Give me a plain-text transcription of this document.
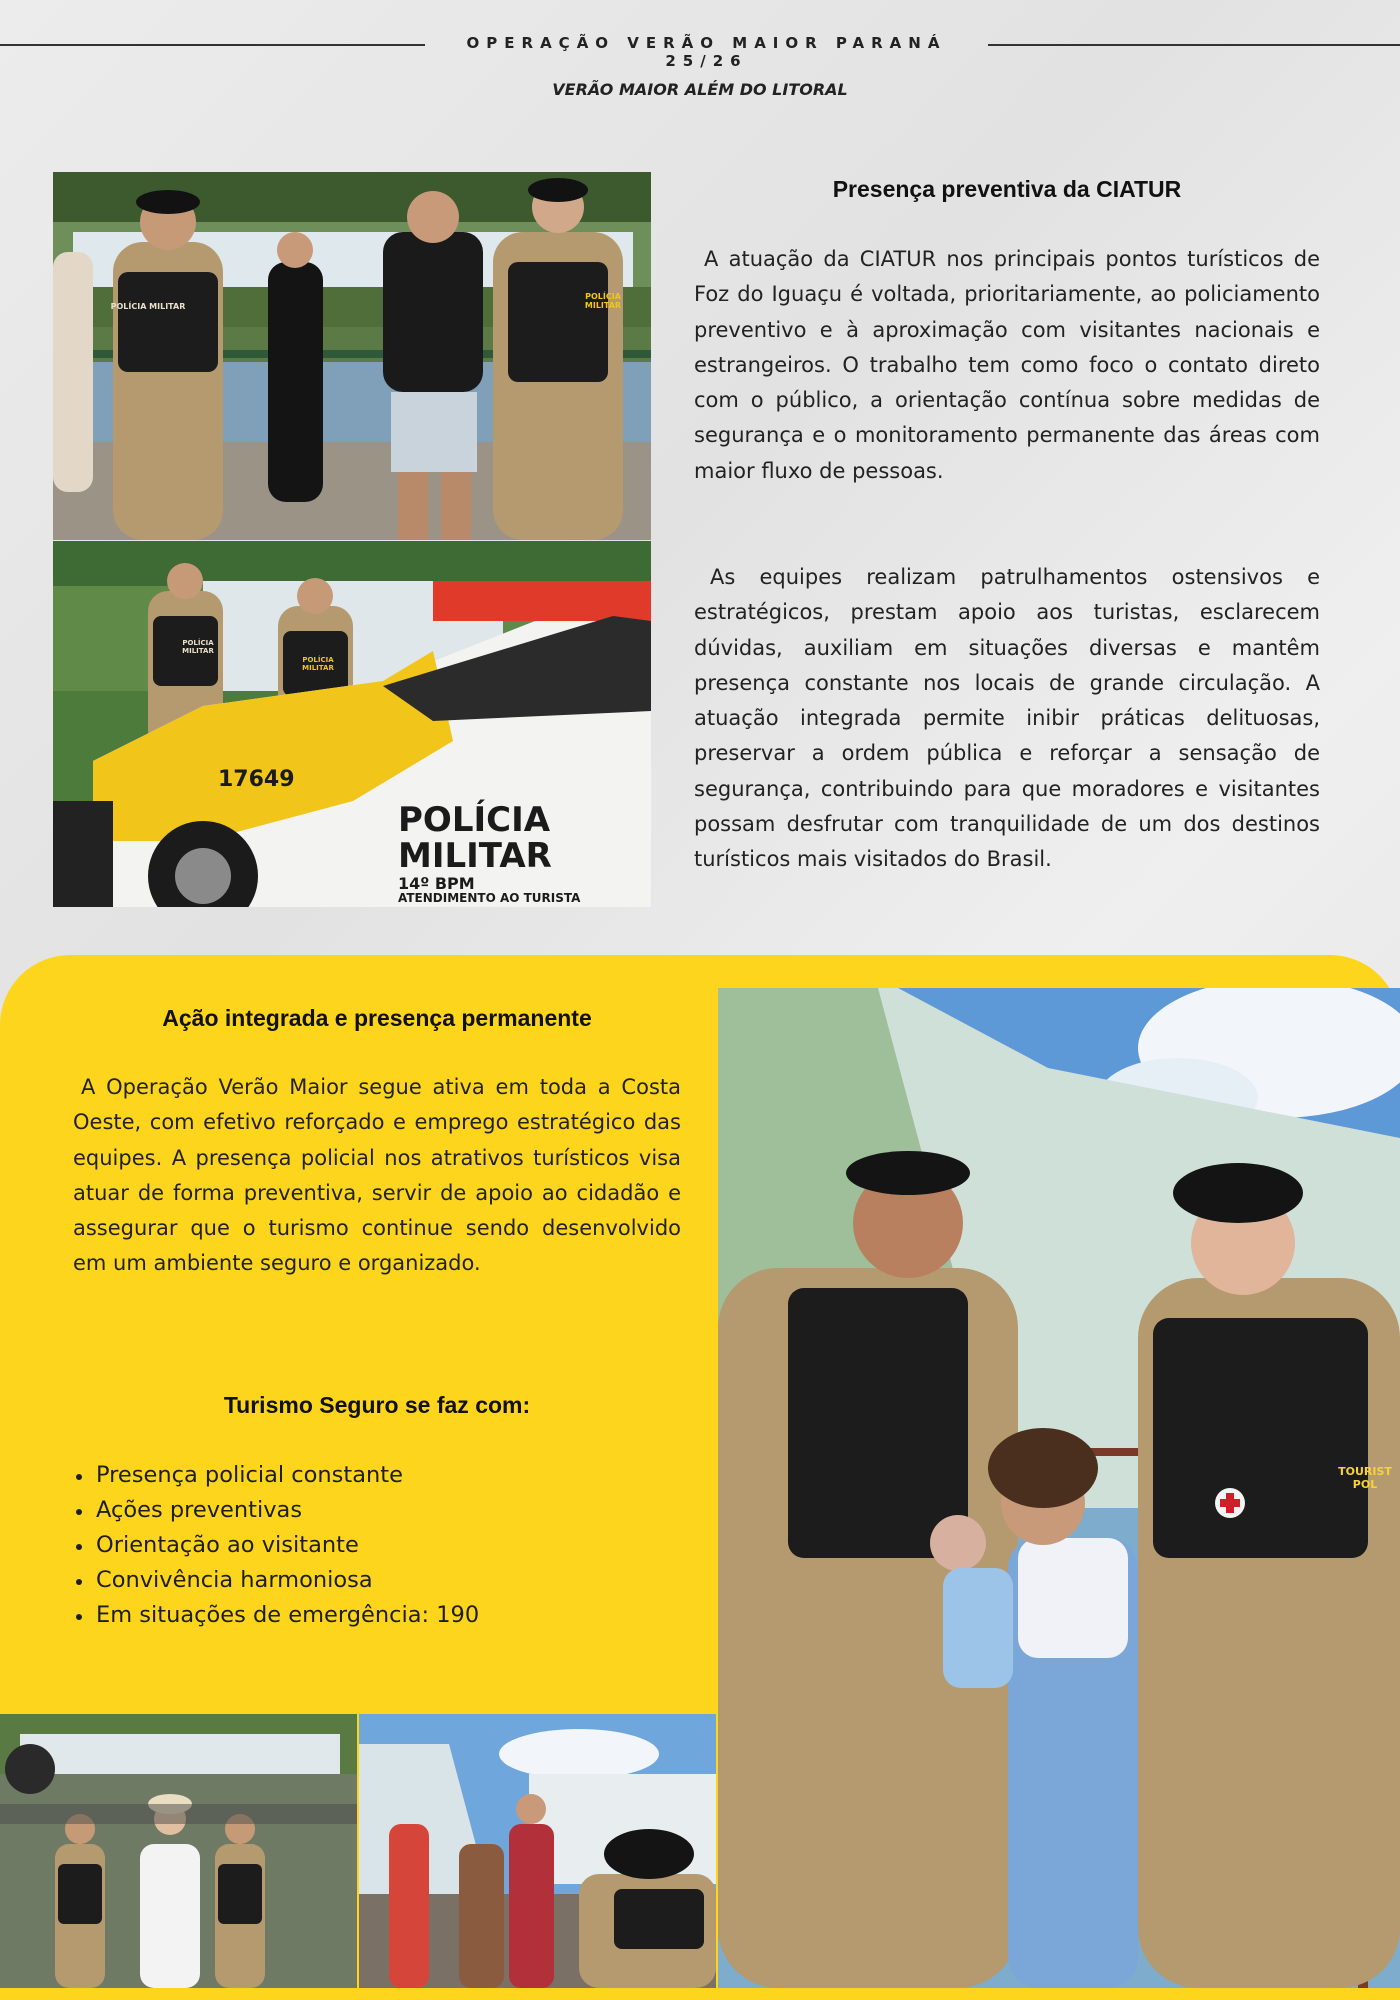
OPERAÇÃO VERÃO MAIOR PARANÁ 25/26
VERÃO MAIOR ALÉM DO LITORAL
POLÍCIA MILITAR
POLÍCIA MILITAR
17649
POLÍCIA
MILITAR
14º BPM
ATENDIMENTO AO TURISTA
POLÍCIA MILITAR
POLÍCIA MILITAR
Presença preventiva da CIATUR
A atuação da CIATUR nos principais pontos turísticos de Foz do Iguaçu é voltada, prioritariamente, ao policiamento preventivo e à aproximação com visitantes nacionais e estrangeiros. O trabalho tem como foco o contato direto com o público, a orientação contínua sobre medidas de segurança e o monitoramento permanente das áreas com maior fluxo de pessoas.
As equipes realizam patrulhamentos ostensivos e estratégicos, prestam apoio aos turistas, esclarecem dúvidas, auxiliam em situações diversas e mantêm presença constante nos locais de grande circulação. A atuação integrada permite inibir práticas delituosas, preservar a ordem pública e reforçar a sensação de segurança, contribuindo para que moradores e visitantes possam desfrutar com tranquilidade de um dos destinos turísticos mais visitados do Brasil.
Ação integrada e presença permanente
A Operação Verão Maior segue ativa em toda a Costa Oeste, com efetivo reforçado e emprego estratégico das equipes. A presença policial nos atrativos turísticos visa atuar de forma preventiva, servir de apoio ao cidadão e assegurar que o turismo continue sendo desenvolvido em um ambiente seguro e organizado.
Turismo Seguro se faz com:
Presença policial constante
Ações preventivas
Orientação ao visitante
Convivência harmoniosa
Em situações de emergência: 190
TOURIST POL
